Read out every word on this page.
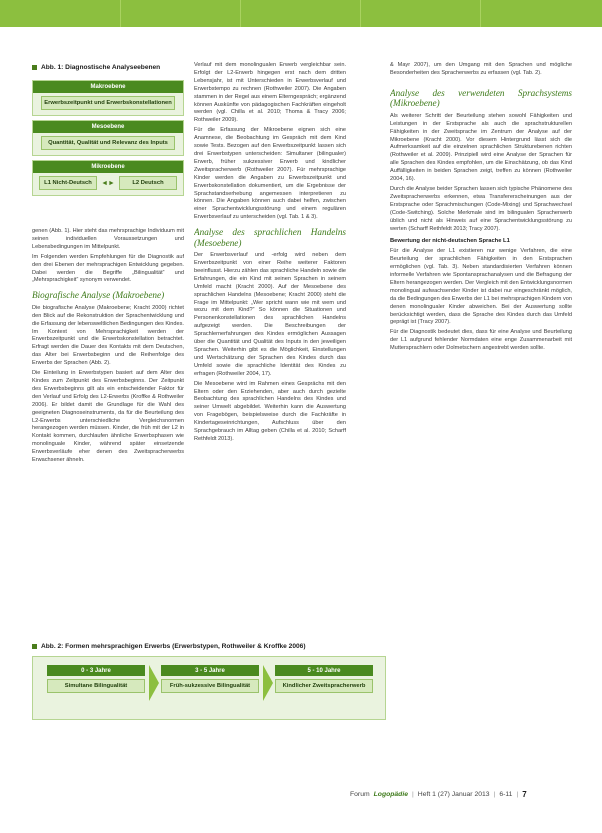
Abb. 1: Diagnostische Analyseebenen
Makroebene
Erwerbszeitpunkt und Erwerbskonstellationen
Mesoebene
Quantität, Qualität und Relevanz des Inputs
Mikroebene
L1 Nicht-Deutsch	◄►	L2 Deutsch

genen (Abb. 1). Hier steht das mehrsprachige Individuum mit seinen individuellen Voraussetzungen und Lebensbedingungen im Mittelpunkt.

Im Folgenden werden Empfehlungen für die Diagnostik auf den drei Ebenen der mehrsprachigen Entwicklung gegeben. Dabei werden die Begriffe „Bilingualität“ und „Mehrsprachigkeit“ synonym verwendet.

Biografische Analyse (Makroebene)

Die biografische Analyse (Makroebene; Kracht 2000) richtet den Blick auf die Rekonstruktion der Sprachentwicklung und die Erfassung der lebensweltlichen Bedingungen des Kindes. Im Kontext von Mehrsprachigkeit werden der Erwerbszeitpunkt und die Erwerbskonstellation betrachtet. Erfragt werden die Dauer des Kontakts mit dem Deutschen, das Alter bei Erwerbsbeginn und die Reihenfolge des Erwerbs der Sprachen (Abb. 2).

Die Einteilung in Erwerbstypen basiert auf dem Alter des Kindes zum Zeitpunkt des Erwerbsbeginns. Der Zeitpunkt des Erwerbsbeginns gilt als ein entscheidender Faktor für den Verlauf und Erfolg des L2-Erwerbs (Kroffke & Rothweiler 2006). Er bildet damit die Grundlage für die Wahl des geeigneten Diagnoseinstruments, da für die Beurteilung des L2-Erwerbs unterschiedliche Vergleichsnormen herangezogen werden müssen. Kinder, die früh mit der L2 in Kontakt kommen, durchlaufen ähnliche Erwerbsphasen wie monolinguale Kinder, während später einsetzende Erwerbsverläufe eher denen des Zweitspracherwerbs Erwachsener ähneln.

Verlauf mit dem monolingualen Erwerb vergleichbar sein. Erfolgt der L2-Erwerb hingegen erst nach dem dritten Lebensjahr, ist mit Unterschieden in Erwerbsverlauf und Erwerbstempo zu rechnen (Rothweiler 2007). Die Angaben stammen in der Regel aus einem Elterngespräch; ergänzend können Auskünfte von pädagogischen Fachkräften eingeholt werden (vgl. Chilla et al. 2010; Thoma & Tracy 2006; Rothweiler 2009).

Für die Erfassung der Mikroebene eignen sich eine Anamnese, die Beobachtung im Gespräch mit dem Kind sowie Tests. Bezogen auf den Erwerbszeitpunkt lassen sich drei Erwerbstypen unterscheiden: Simultaner (bilingualer) Erwerb, früher sukzessiver Erwerb und kindlicher Zweitspracherwerb (Rothweiler 2007). Für mehrsprachige Kinder werden die Angaben zu Erwerbszeitpunkt und Erwerbskonstellation dokumentiert, um die Ergebnisse der Sprachstandserhebung angemessen interpretieren zu können. Die Angaben können auch dabei helfen, zwischen einer Sprachentwicklungsstörung und einem regulären Erwerbsverlauf zu unterscheiden (vgl. Tab. 1 & 3).

Analyse des sprachlichen Handelns (Mesoebene)

Der Erwerbsverlauf und -erfolg wird neben dem Erwerbszeitpunkt von einer Reihe weiterer Faktoren beeinflusst. Hierzu zählen das sprachliche Handeln sowie die Erfahrungen, die ein Kind mit seinen Sprachen in seinem Umfeld macht (Kracht 2000). Auf der Mesoebene des sprachlichen Handelns (Mesoebene; Kracht 2000) steht die Frage im Mittelpunkt: „Wer spricht wann wie mit wem und wozu mit dem Kind?“ So können die Situationen und Personenkonstellationen des sprachlichen Handelns aufgezeigt werden. Die Beschreibungen der Sprachlernerfahrungen des Kindes ermöglichen Aussagen über die Quantität und Qualität des Inputs in den jeweiligen Sprachen. Weiterhin gibt es die Möglichkeit, Einstellungen und Wertschätzung der Sprachen des Kindes durch das Umfeld sowie die sprachliche Identität des Kindes zu erfragen (Rothweiler 2004, 17).

Die Mesoebene wird im Rahmen eines Gesprächs mit den Eltern oder den Erziehenden, aber auch durch gezielte Beobachtung des sprachlichen Handelns des Kindes und seiner Umwelt abgebildet. Weiterhin kann die Auswertung von Fragebögen, beispielsweise durch die Fachkräfte in Kindertageseinrichtungen, Aufschluss über den Sprachgebrauch im Alltag geben (Chilla et al. 2010; Scharff Rethfeldt 2013).

& Mayr 2007), um den Umgang mit den Sprachen und mögliche Besonderheiten des Spracherwerbs zu erfassen (vgl. Tab. 2).

Analyse des verwendeten Sprachsystems (Mikroebene)

Als weiterer Schritt der Beurteilung stehen sowohl Fähigkeiten und Leistungen in der Erstsprache als auch die sprachstrukturellen Fähigkeiten in der Zweitsprache im Zentrum der Analyse auf der Mikroebene (Kracht 2000). Vor diesem Hintergrund lässt sich die Aufmerksamkeit auf die einzelnen sprachlichen Strukturebenen richten (Rothweiler et al. 2009). Prinzipiell wird eine Analyse der Sprachen für alle Sprachen des Kindes empfohlen, um die Einschätzung, ob das Kind Auffälligkeiten in beiden Sprachen zeigt, treffen zu können (Rothweiler 2004, 16).

Durch die Analyse beider Sprachen lassen sich typische Phänomene des Zweitspracherwerbs erkennen, etwa Transfererscheinungen aus der Erstsprache oder Sprachmischungen (Code-Mixing) und Sprachwechsel (Code-Switching). Solche Merkmale sind im bilingualen Spracherwerb üblich und nicht als Hinweis auf eine Sprachentwicklungsstörung zu werten (Scharff Rethfeldt 2013; Tracy 2007).

Bewertung der nicht-deutschen Sprache L1

Für die Analyse der L1 existieren nur wenige Verfahren, die eine Beurteilung der sprachlichen Fähigkeiten in den Erstsprachen ermöglichen (vgl. Tab. 3). Neben standardisierten Verfahren können informelle Verfahren wie Spontansprachanalysen und die Befragung der Eltern herangezogen werden. Der Vergleich mit den Entwicklungsnormen monolingual aufwachsender Kinder ist dabei nur eingeschränkt möglich, da die Bedingungen des Erwerbs der L1 bei mehrsprachigen Kindern von denen monolingualer Kinder abweichen. Bei der Auswertung sollte berücksichtigt werden, dass die Sprache des Kindes durch das Umfeld geprägt ist (Tracy 2007).

Für die Diagnostik bedeutet dies, dass für eine Analyse und Beurteilung der L1 aufgrund fehlender Normdaten eine enge Zusammenarbeit mit Muttersprachlern oder Dolmetschern angestrebt werden sollte.

Abb. 2: Formen mehrsprachigen Erwerbs (Erwerbstypen, Rothweiler & Kroffke 2006)
0 - 3 Jahre
Simultane Bilingualität
3 - 5 Jahre
Früh-sukzessive Bilingualität
5 - 10 Jahre
Kindlicher Zweitspracherwerb
Forum Logopädie | Heft 1 (27) Januar 2013 | 6-11 | 7
